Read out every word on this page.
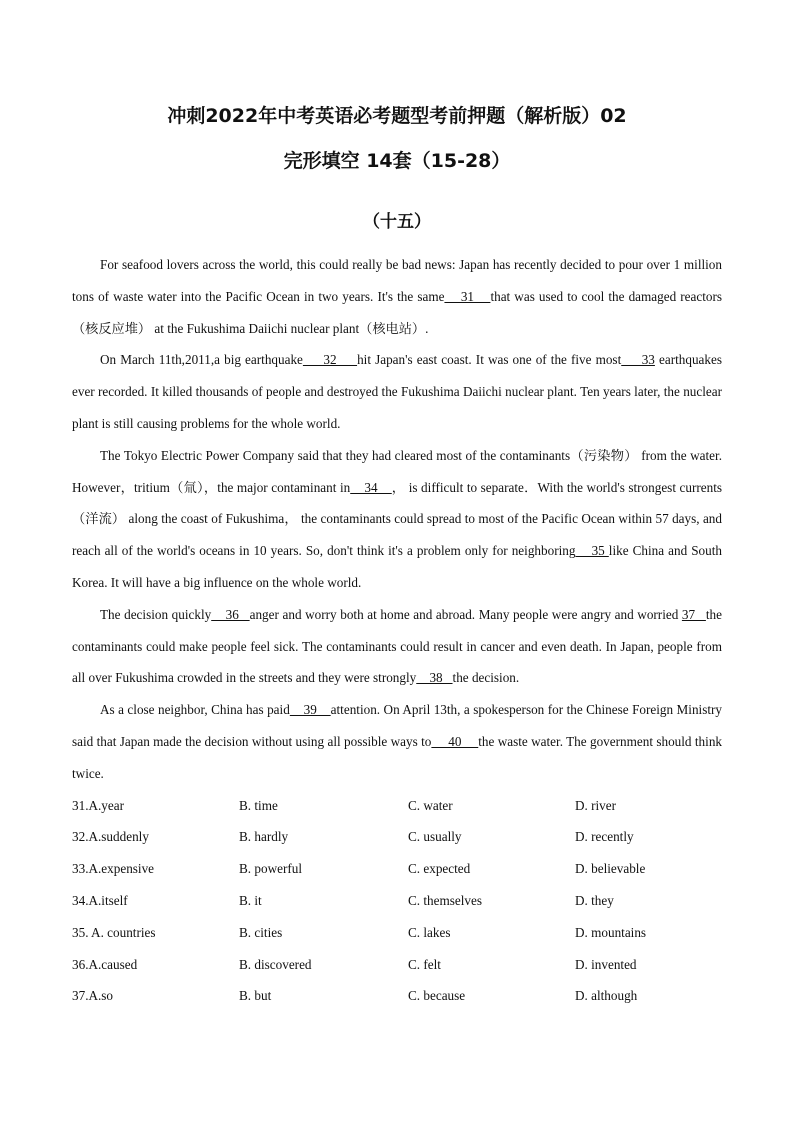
冲刺2022年中考英语必考题型考前押题（解析版）02
完形填空 14套（15-28）
（十五）

For seafood lovers across the world, this could really be bad news: Japan has recently decided to pour over 1 million tons of waste water into the Pacific Ocean in two years. It's the same    31    that was used to cool the damaged reactors（核反应堆） at the Fukushima Daiichi nuclear plant（核电站）.

On March 11th,2011,a big earthquake     32     hit Japan's east coast. It was one of the five most     33 earthquakes ever recorded. It killed thousands of people and destroyed the Fukushima Daiichi nuclear plant. Ten years later, the nuclear plant is still causing problems for the whole world.

The Tokyo Electric Power Company said that they had cleared most of the contaminants（污染物） from the water. However，tritium（氚），the major contaminant in    34    ， is difficult to separate．With the world's strongest currents（洋流） along the coast of Fukushima， the contaminants could spread to most of the Pacific Ocean within 57 days, and reach all of the world's oceans in 10 years. So, don't think it's a problem only for neighboring    35 like China and South Korea. It will have a big influence on the whole world.

The decision quickly    36   anger and worry both at home and abroad. Many people were angry and worried 37   the contaminants could make people feel sick. The contaminants could result in cancer and even death. In Japan, people from all over Fukushima crowded in the streets and they were strongly    38   the decision.

As a close neighbor, China has paid    39    attention. On April 13th, a spokesperson for the Chinese Foreign Ministry said that Japan made the decision without using all possible ways to     40     the waste water. The government should think twice.

31.A.year	B. time	C. water	D. river
32.A.suddenly	B. hardly	C. usually	D. recently
33.A.expensive	B. powerful	C. expected	D. believable
34.A.itself	B. it	C. themselves	D. they
35. A. countries	B. cities	C. lakes	D. mountains
36.A.caused	B. discovered	C. felt	D. invented
37.A.so	B. but	C. because	D. although
